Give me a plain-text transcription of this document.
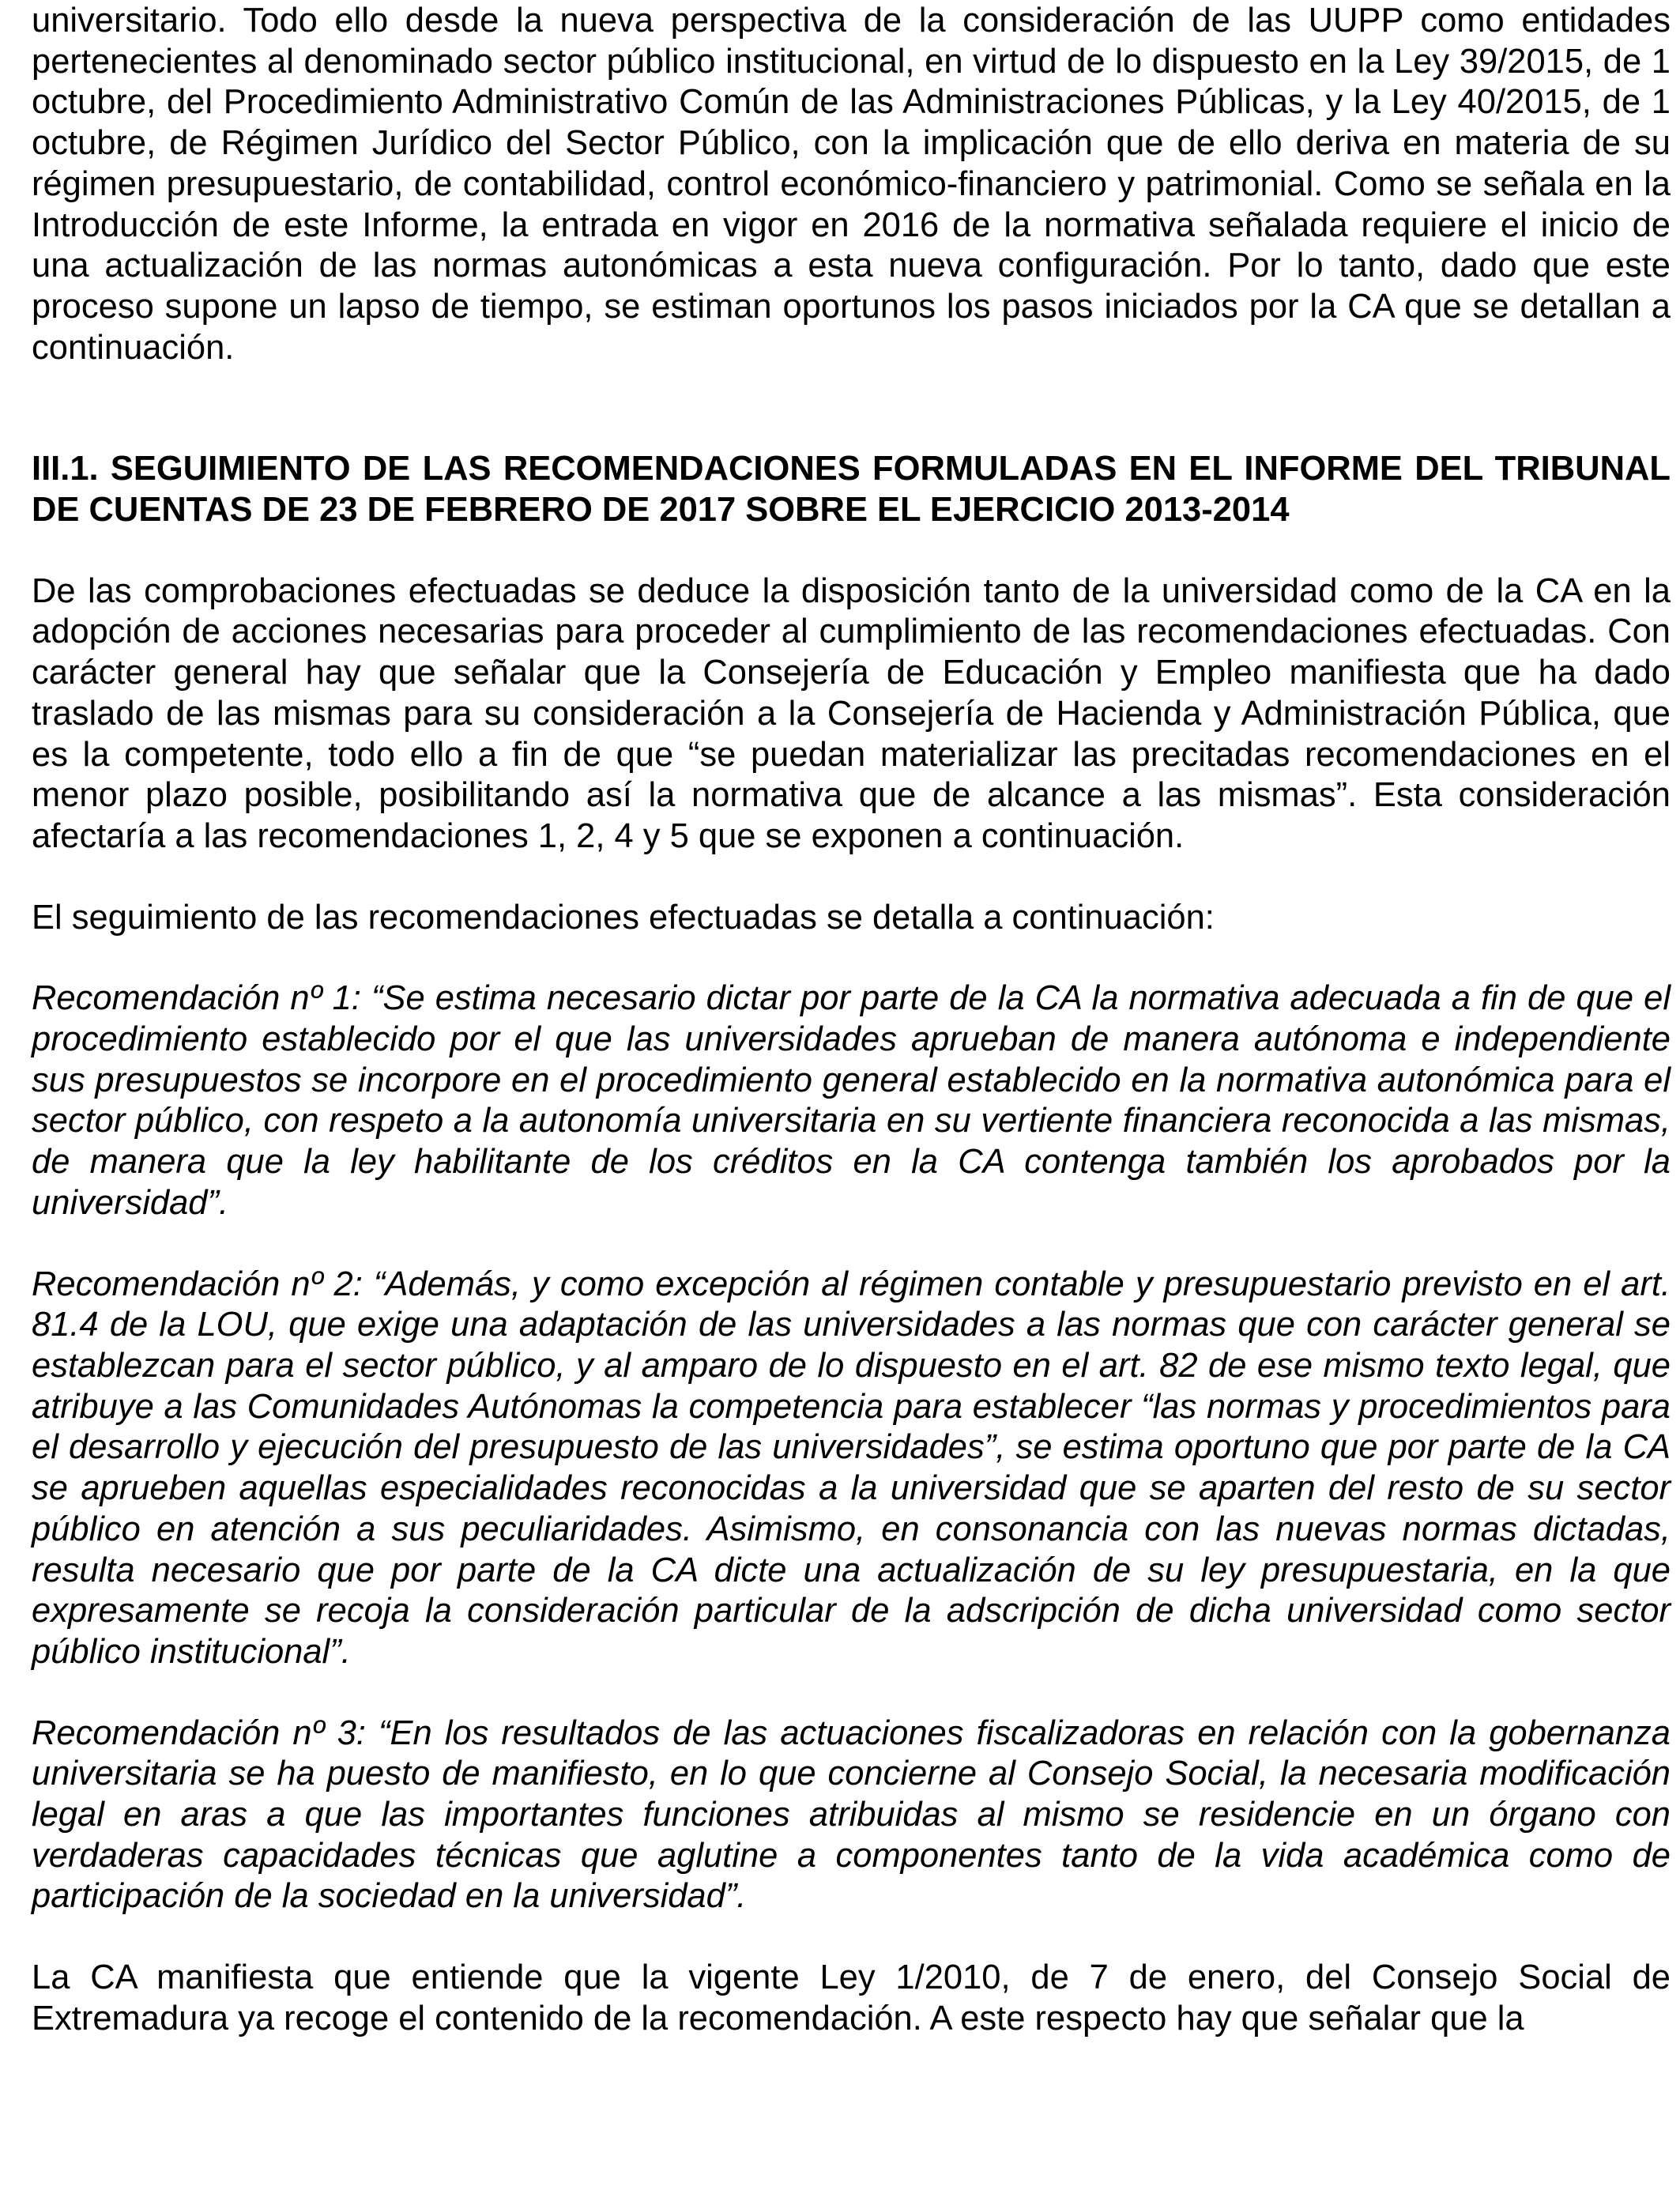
universitario. Todo ello desde la nueva perspectiva de la consideración de las UUPP como entidades pertenecientes al denominado sector público institucional, en virtud de lo dispuesto en la Ley 39/2015, de 1 octubre, del Procedimiento Administrativo Común de las Administraciones Públicas, y la Ley 40/2015, de 1 octubre, de Régimen Jurídico del Sector Público, con la implicación que de ello deriva en materia de su régimen presupuestario, de contabilidad, control económico-financiero y patrimonial. Como se señala en la Introducción de este Informe, la entrada en vigor en 2016 de la normativa señalada requiere el inicio de una actualización de las normas autonómicas a esta nueva configuración. Por lo tanto, dado que este proceso supone un lapso de tiempo, se estiman oportunos los pasos iniciados por la CA que se detallan a continuación.

III.1. SEGUIMIENTO DE LAS RECOMENDACIONES FORMULADAS EN EL INFORME DEL TRIBUNAL DE CUENTAS DE 23 DE FEBRERO DE 2017 SOBRE EL EJERCICIO 2013-2014

De las comprobaciones efectuadas se deduce la disposición tanto de la universidad como de la CA en la adopción de acciones necesarias para proceder al cumplimiento de las recomendaciones efectuadas. Con carácter general hay que señalar que la Consejería de Educación y Empleo manifiesta que ha dado traslado de las mismas para su consideración a la Consejería de Hacienda y Administración Pública, que es la competente, todo ello a fin de que “se puedan materializar las precitadas recomendaciones en el menor plazo posible, posibilitando así la normativa que de alcance a las mismas”. Esta consideración afectaría a las recomendaciones 1, 2, 4 y 5 que se exponen a continuación.

El seguimiento de las recomendaciones efectuadas se detalla a continuación:

Recomendación nº 1: “Se estima necesario dictar por parte de la CA la normativa adecuada a fin de que el procedimiento establecido por el que las universidades aprueban de manera autónoma e independiente sus presupuestos se incorpore en el procedimiento general establecido en la normativa autonómica para el sector público, con respeto a la autonomía universitaria en su vertiente financiera reconocida a las mismas, de manera que la ley habilitante de los créditos en la CA contenga también los aprobados por la universidad”.

Recomendación nº 2: “Además, y como excepción al régimen contable y presupuestario previsto en el art. 81.4 de la LOU, que exige una adaptación de las universidades a las normas que con carácter general se establezcan para el sector público, y al amparo de lo dispuesto en el art. 82 de ese mismo texto legal, que atribuye a las Comunidades Autónomas la competencia para establecer “las normas y procedimientos para el desarrollo y ejecución del presupuesto de las universidades”, se estima oportuno que por parte de la CA se aprueben aquellas especialidades reconocidas a la universidad que se aparten del resto de su sector público en atención a sus peculiaridades. Asimismo, en consonancia con las nuevas normas dictadas, resulta necesario que por parte de la CA dicte una actualización de su ley presupuestaria, en la que expresamente se recoja la consideración particular de la adscripción de dicha universidad como sector público institucional”.

Recomendación nº 3: “En los resultados de las actuaciones fiscalizadoras en relación con la gobernanza universitaria se ha puesto de manifiesto, en lo que concierne al Consejo Social, la necesaria modificación legal en aras a que las importantes funciones atribuidas al mismo se residencie en un órgano con verdaderas capacidades técnicas que aglutine a componentes tanto de la vida académica como de participación de la sociedad en la universidad”.

La CA manifiesta que entiende que la vigente Ley 1/2010, de 7 de enero, del Consejo Social de Extremadura ya recoge el contenido de la recomendación. A este respecto hay que señalar que la
